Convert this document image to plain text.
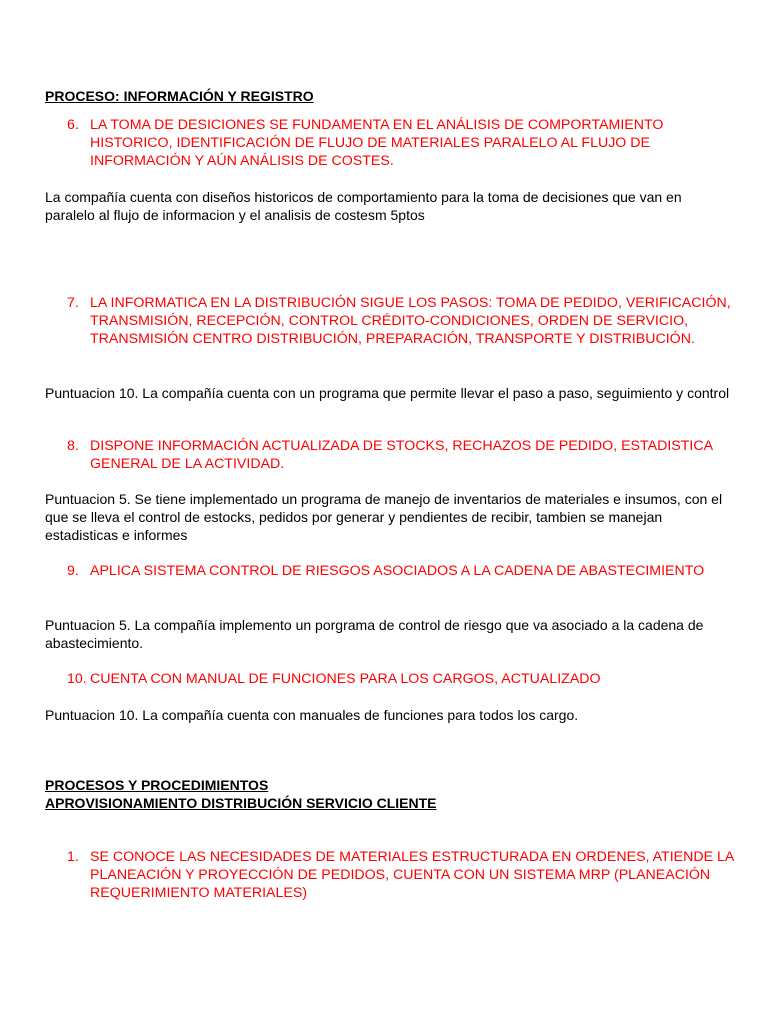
PROCESO: INFORMACIÓN Y REGISTRO
6. LA TOMA DE DESICIONES SE FUNDAMENTA EN EL ANÁLISIS DE COMPORTAMIENTO HISTORICO, IDENTIFICACIÓN DE FLUJO DE MATERIALES PARALELO AL FLUJO DE INFORMACIÓN Y AÚN ANÁLISIS DE COSTES.
La compañía cuenta con diseños historicos de comportamiento para la toma de decisiones que van en paralelo al flujo de informacion y el analisis de costesm 5ptos
7. LA INFORMATICA EN LA DISTRIBUCIÓN SIGUE LOS PASOS: TOMA DE PEDIDO, VERIFICACIÓN, TRANSMISIÓN, RECEPCIÓN, CONTROL CRÉDITO-CONDICIONES, ORDEN DE SERVICIO, TRANSMISIÓN CENTRO DISTRIBUCIÓN, PREPARACIÓN, TRANSPORTE Y DISTRIBUCIÓN.
Puntuacion 10. La compañía cuenta con un programa que permite llevar el paso a paso, seguimiento y control
8. DISPONE INFORMACIÓN ACTUALIZADA DE STOCKS, RECHAZOS DE PEDIDO, ESTADISTICA GENERAL DE LA ACTIVIDAD.
Puntuacion 5. Se tiene implementado un programa de manejo de inventarios de materiales e insumos, con el que se lleva el control de estocks, pedidos por generar y pendientes de recibir, tambien se manejan estadisticas e informes
9. APLICA SISTEMA CONTROL DE RIESGOS ASOCIADOS A LA CADENA DE ABASTECIMIENTO
Puntuacion 5. La compañía implemento un porgrama de control de riesgo que va asociado a la cadena de abastecimiento.
10. CUENTA CON MANUAL DE FUNCIONES PARA LOS CARGOS, ACTUALIZADO
Puntuacion 10. La compañía cuenta con manuales de funciones para todos los cargo.
PROCESOS Y PROCEDIMIENTOS
APROVISIONAMIENTO DISTRIBUCIÓN SERVICIO CLIENTE
1. SE CONOCE LAS NECESIDADES DE MATERIALES ESTRUCTURADA EN ORDENES, ATIENDE LA PLANEACIÓN Y PROYECCIÓN DE PEDIDOS, CUENTA CON UN SISTEMA MRP (PLANEACIÓN REQUERIMIENTO MATERIALES)
